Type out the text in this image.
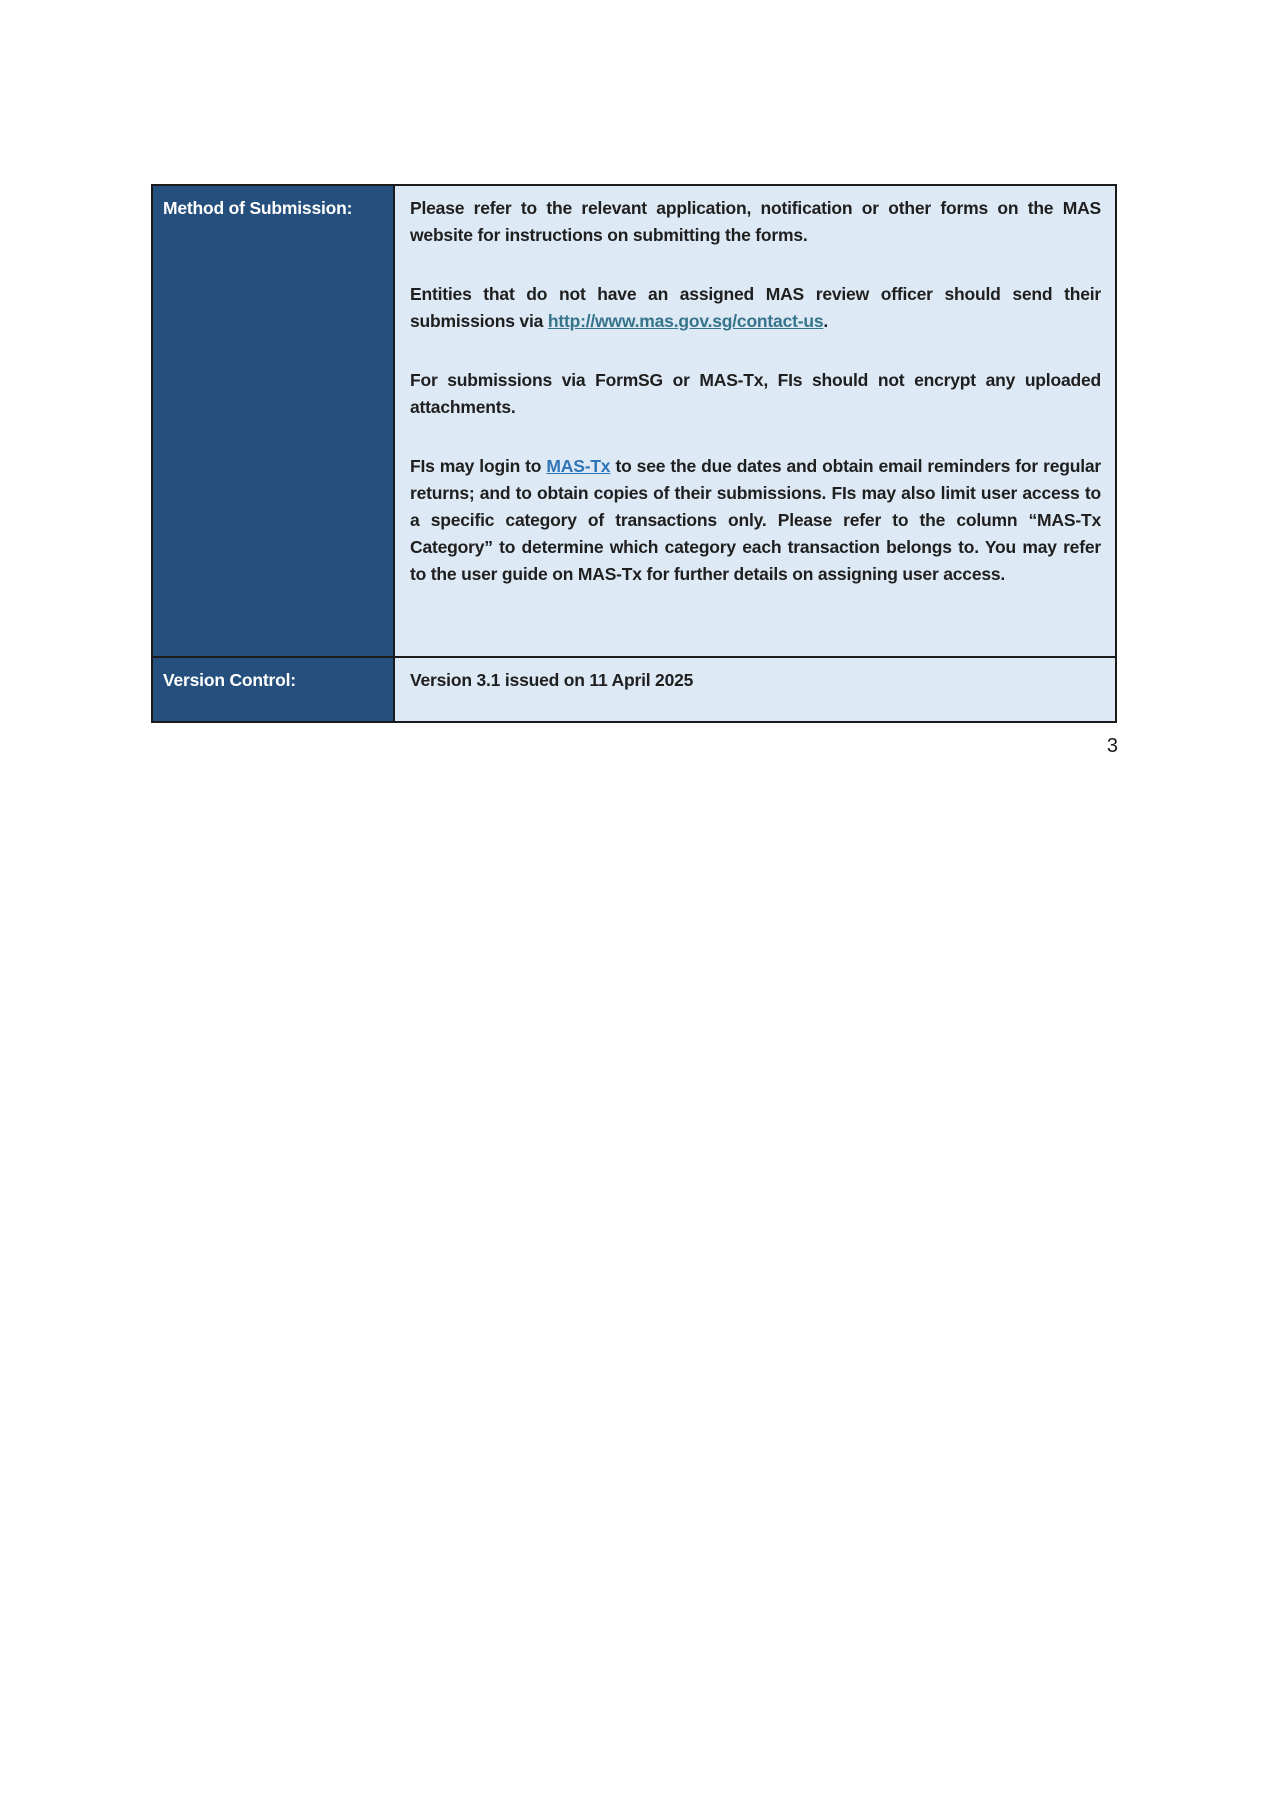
Method of Submission:	Please refer to the relevant application, notification or other forms on the MAS website for instructions on submitting the forms.

Entities that do not have an assigned MAS review officer should send their submissions via http://www.mas.gov.sg/contact-us.

For submissions via FormSG or MAS-Tx, FIs should not encrypt any uploaded attachments.

FIs may login to MAS-Tx to see the due dates and obtain email reminders for regular returns; and to obtain copies of their submissions. FIs may also limit user access to a specific category of transactions only. Please refer to the column “MAS-Tx Category” to determine which category each transaction belongs to. You may refer to the user guide on MAS-Tx for further details on assigning user access.

Version Control:	Version 3.1 issued on 11 April 2025

3
